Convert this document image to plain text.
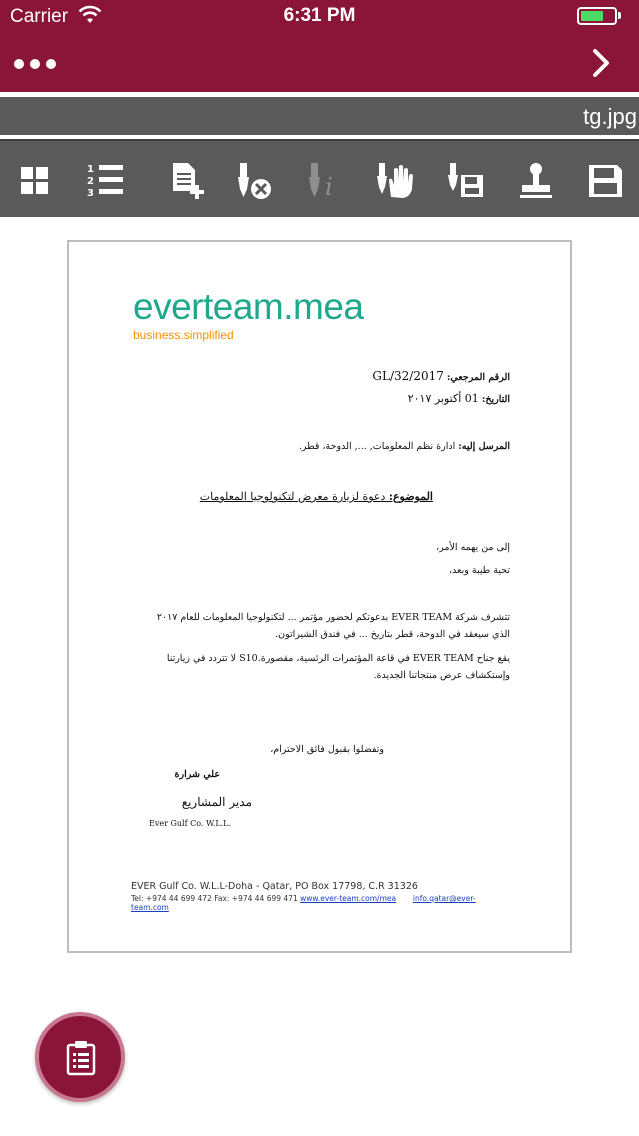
Carrier	6:31 PM
tg.jpg
1
2
3	i
everteam.mea
business.simplified
الرقم المرجعي: GL/32/2017
التاريخ: 01 أكتوبر ٢٠١٧
المرسل إليه: ادارة نظم المعلومات, ..., الدوحة، قطر.
الموضوع: دعوة لزيارة معرض لتكنولوجيا المعلومات
إلى من يهمه الأمر،
تحية طيبة وبعد،
تتشرف شركة EVER TEAM بدعوتكم لحضور مؤتمر ... لتكنولوجيا المعلومات للعام ٢٠١٧
الذي سيعقد في الدوحة، قطر بتاريخ ... في فندق الشيراتون.
يقع جناح EVER TEAM في قاعة المؤتمرات الرئسية، مقصورة.S10 لا تتردد في زيارتنا
وإستكشاف عرض منتجاتنا الجديدة.
وتفضلوا بقبول فائق الاحترام،
علي شرارة
مدير المشاريع
Ever Gulf Co. W.L.L.
EVER Gulf Co. W.L.L-Doha - Qatar, PO Box 17798, C.R 31326
Tel: +974 44 699 472 Fax: +974 44 699 471 www.ever-team.com/mea info.qatar@ever-
team.com
